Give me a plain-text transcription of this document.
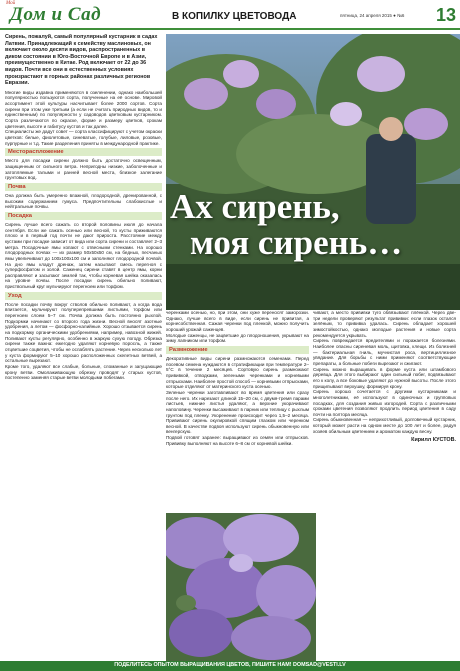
Мой
Дом и Сад	В КОПИЛКУ ЦВЕТОВОДА	пятница, 24 апреля 2015 ● №6 13

Сирень, пожалуй, самый популярный кустарник в садах Латвии. Принадлежащий к семейству маслиновых, он включает около десяти видов, распространенных в диком состоянии в Юго-Восточной Европе и в Азии, преимущественно в Китае. Род включает от 22 до 36 видов. Почти все они в естественных условиях произрастают в горных районах различных регионов Евразии.

Многие виды издавна применяются в озеленении, однако наибольшей популярностью пользуются сорта, полученные на её основе. Мировой ассортимент этой культуры насчитывает более 2000 сортов. Сорта сирени при этом уже третьим (а если не считать природных видов, то и единственным) по популярности у садоводов цветковым кустарником. Сорта различаются по окраске, форме и размеру цветков, срокам цветения, высоте и габитусу кустов и так далее.

Специалисты же дадут совет — сорта классифицируют с учетом окраски цветков: белые, фиолетовые, синеватые, голубые, лиловые, розовые, пурпурные и т.д. Такие разделения приняты в международной практике.

Местораспложение

Место для посадки сирени должно быть достаточно освещенным, защищенным от сильного ветра. Непригодны низкие, заболоченные и затопляемые талыми и ранней весной места, близкое залегание грунтовых вод.

Почва

Она должна быть умеренно влажной, плодородной, дренированной, с высоким содержанием гумуса. Предпочтительны слабокислые и нейтральные почвы.

Посадка

Сирень лучше всего сажать со второй половины июля до начала сентября. Если же сажать осенью или весной, то кусты приживаются плохо и в первый год почти не дают прироста. Расстояние между кустами при посадке зависит от вида или сорта сирени и составляет 2–3 метра. Посадочные ямы копают с отвесными стенками. На хорошо плодородных почвах — их размер 50х50х50 см, на бедных, песчаных ямы увеличивают до 100х100х100 см и заполняют плодородной почвой. На дно ямы кладут дренаж, затем насыпают смесь перегноя с суперфосфатом и золой. Саженец сирени ставят в центр ямы, корни расправляют и засыпают землей так, чтобы корневая шейка оказалась на уровне почвы. После посадки сирень обильно поливают, приствольный круг мульчируют перегноем или торфом.

Уход

После посадки почву вокруг стволов обильно поливают, а когда вода впитается, мульчируют полуперепревшими листьями, торфом или перегноем слоем 5–7 см. Почва должна быть постоянно рыхлой. Подкормки начинают со второго года жизни. Весной вносят азотные удобрения, а летом — фосфорно-калийные. Хорошо отзывается сирень на подкормку органическими удобрениями, например, навозной жижей. Поливают кусты регулярно, особенно в жаркую сухую погоду. Обрезка сирени также важна: ежегодно удаляют корневую поросль, а также отцветшие соцветия, чтобы не ослаблять растение. Через несколько лет у куста формируют 5–10 хорошо расположенных скелетных ветвей, а остальные вырезают.

Кроме того, удаляют все слабые, больные, сломанные и загущающие крону ветви. Омолаживающую обрезку проводят у старых кустов, постепенно заменяя старые ветви молодыми побегами.

Ах сирень,
моя сирень…

черенками осенью, но, при этом, они хуже переносят заморозки. Однако, лучше всего в виде, если сирень не привитая, а корнесобственная. Сажая черенки под пленкой, можно получить хороший урожай саженцев.

Молодые саженцы, не зацветшие до плодоношения, укрывают на зиму лапником или торфом.

Размножение

Декоративные виды сирени размножаются семенами. Перед посевом семена нуждаются в стратификации при температуре 2–5°С в течение 2 месяцев. Сортовую сирень размножают прививкой, отводками, зелеными черенками и корневыми отпрысками. Наиболее простой способ — корневыми отпрысками, которые отделяют от материнского куста осенью.

Зеленые черенки заготавливают во время цветения или сразу после него. Их нарезают длиной 15–20 см, с двумя-тремя парами листьев, нижние листья удаляют, а верхние укорачивают наполовину. Черенки высаживают в парник или теплицу с рыхлым грунтом под пленку. Укоренение происходит через 1,5–2 месяца. Прививают сирень окулировкой спящим глазком или черенком весной. В качестве подвоя используют сирень обыкновенную или венгерскую.

Подвой готовят заранее: выращивают из семян или отпрысков. Прививку выполняют на высоте 6–8 см от корневой шейки.

чивают, а место прививки туго обвязывают плёнкой. Через две-три недели проверяют результат прививки: если глазок остался зелёным, то прививка удалась. Сирень обладает хорошей зимостойкостью, однако молодые растения и новые сорта рекомендуется укрывать.

Сирень повреждается вредителями и поражается болезнями. Наиболее опасны сиреневая моль, щитовка, клещи. Из болезней — бактериальная гниль, мучнистая роса, вертициллезное увядание. Для борьбы с ними применяют соответствующие препараты, а больные побеги вырезают и сжигают.

Сирень можно выращивать в форме куста или штамбового деревца. Для этого выбирают один сильный побег, подвязывают его к колу, а все боковые удаляют до нужной высоты. После этого прищипывают верхушку, формируя крону.

Сирень хорошо сочетается с другими кустарниками и многолетниками, её используют в одиночных и групповых посадках, для создания живых изгородей. Сорта с различными сроками цветения позволяют продлить период цветения в саду почти на полтора месяца.

Сирень обыкновенная — неприхотливый, долговечный кустарник, который может расти на одном месте до 100 лет и более, радуя хозяев обильным цветением и ароматом каждую весну.

Кирилл КУСТОВ.

ПОДЕЛИТЕСЬ ОПЫТОМ ВЫРАЩИВАНИЯ ЦВЕТОВ, ПИШИТЕ НАМ! DOMSAD@VESTI.LV
